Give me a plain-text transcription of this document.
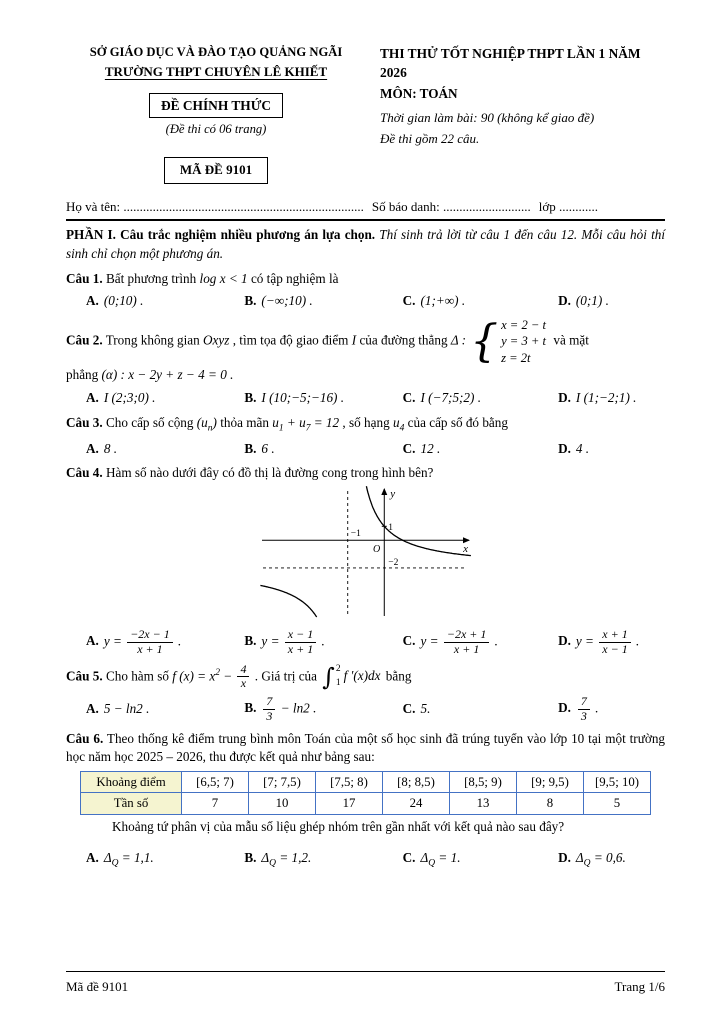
SỞ GIÁO DỤC VÀ ĐÀO TẠO QUẢNG NGÃI
TRƯỜNG THPT CHUYÊN LÊ KHIẾT
ĐỀ CHÍNH THỨC
(Đề thi có 06 trang)
MÃ ĐỀ 9101
THI THỬ TỐT NGHIỆP THPT LẦN 1 NĂM 2026
MÔN: TOÁN
Thời gian làm bài: 90 (không kể giao đề)
Đề thi gồm 22 câu.
Họ và tên: .......................................................................... Số báo danh: ........................... lớp ............

PHẦN I. Câu trắc nghiệm nhiều phương án lựa chọn. Thí sinh trả lời từ câu 1 đến câu 12. Mỗi câu hỏi thí sinh chỉ chọn một phương án.

Câu 1. Bất phương trình log x < 1 có tập nghiệm là

A. (0;10) .	B. (−∞;10) .	C. (1;+∞) .	D. (0;1) .

Câu 2. Trong không gian Oxyz , tìm tọa độ giao điểm I của đường thẳng Δ : { x = 2 − t
y = 3 + t
z = 2t
và mặt
phẳng (α) : x − 2y + z − 4 = 0 .

A. I (2;3;0) .	B. I (10;−5;−16) .	C. I (−7;5;2) .	D. I (1;−2;1) .

Câu 3. Cho cấp số cộng $(u_n)$ thỏa mãn $u_1 + u_7 = 12$ , số hạng $u_4$ của cấp số đó bằng

A. 8 .	B. 6 .	C. 12 .	D. 4 .

Câu 4. Hàm số nào dưới đây có đồ thị là đường cong trong hình bên?

x
y
O
−1
1
−2
A. $y = \frac{-2x - 1}{x + 1}$ .	B. $y = \frac{x - 1}{x + 1}$ .	C. $y = \frac{-2x + 1}{x + 1}$ .	D. $y = \frac{x + 1}{x - 1}$ .

Câu 5. Cho hàm số f $(x) = x^2 - \frac{4}{x}$ . Giá trị của ∫ 2
1 f ′(x)dx bằng

A. 5 − ln2 .	B. $\frac{7}{3} - \ln 2$ .	C. 5.	D. $\frac{7}{3}$ .

Câu 6. Theo thống kê điểm trung bình môn Toán của một số học sinh đã trúng tuyển vào lớp 10 tại một trường học năm học 2025 – 2026, thu được kết quả như bảng sau:

Khoảng điểm	[6,5; 7)	[7; 7,5)	[7,5; 8)	[8; 8,5)	[8,5; 9)	[9; 9,5)	[9,5; 10)
Tần số	7	10	17	24	13	8	5

Khoảng tứ phân vị của mẫu số liệu ghép nhóm trên gần nhất với kết quả nào sau đây?

A. $\Delta_Q = 1,1$.	B. $\Delta_Q = 1,2$.	C. $\Delta_Q = 1$.	D. $\Delta_Q = 0,6$.
Mã đề 9101	Trang 1/6
